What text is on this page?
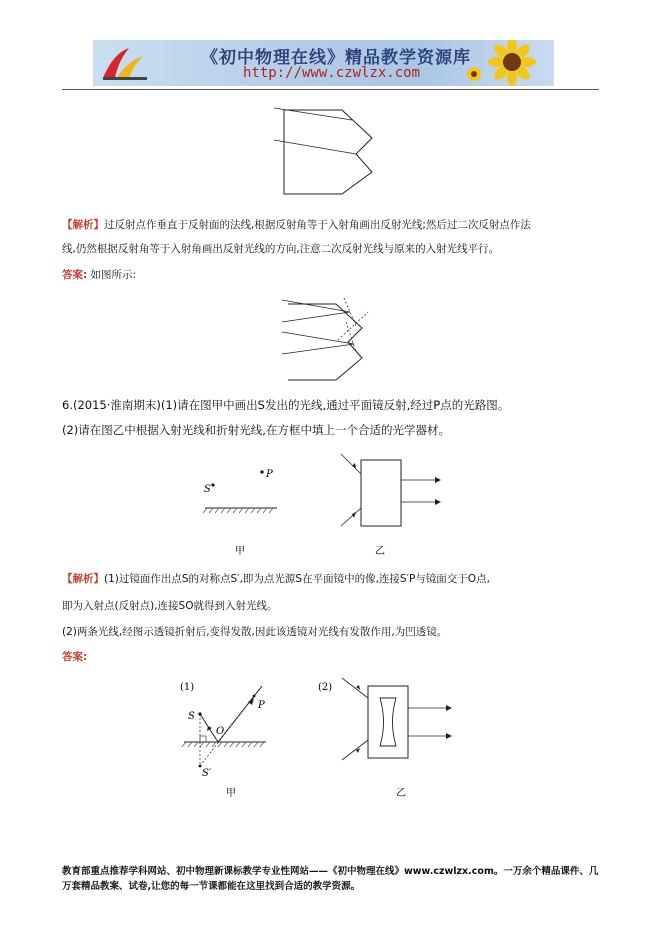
《初中物理在线》精品教学资源库
http://www.czwlzx.com
【解析】过反射点作垂直于反射面的法线,根据反射角等于入射角画出反射光线;然后过二次反射点作法
线,仍然根据反射角等于入射角画出反射光线的方向,注意二次反射光线与原来的入射光线平行。
答案: 如图所示:
6.(2015·淮南期末)(1)请在图甲中画出S发出的光线,通过平面镜反射,经过P点的光路图。
(2)请在图乙中根据入射光线和折射光线,在方框中填上一个合适的光学器材。
S
P
甲	乙
【解析】(1)过镜面作出点S的对称点S′,即为点光源S在平面镜中的像,连接S′P与镜面交于O点,
即为入射点(反射点),连接SO就得到入射光线。
(2)两条光线,经图示透镜折射后,变得发散,因此该透镜对光线有发散作用,为凹透镜。
答案:
(1)
S
O
P
S′
甲
(2)
乙
教育部重点推荐学科网站、初中物理新课标教学专业性网站——《初中物理在线》www.czwlzx.com。一万余个精品课件、几万套精品教案、试卷,让您的每一节课都能在这里找到合适的教学资源。
